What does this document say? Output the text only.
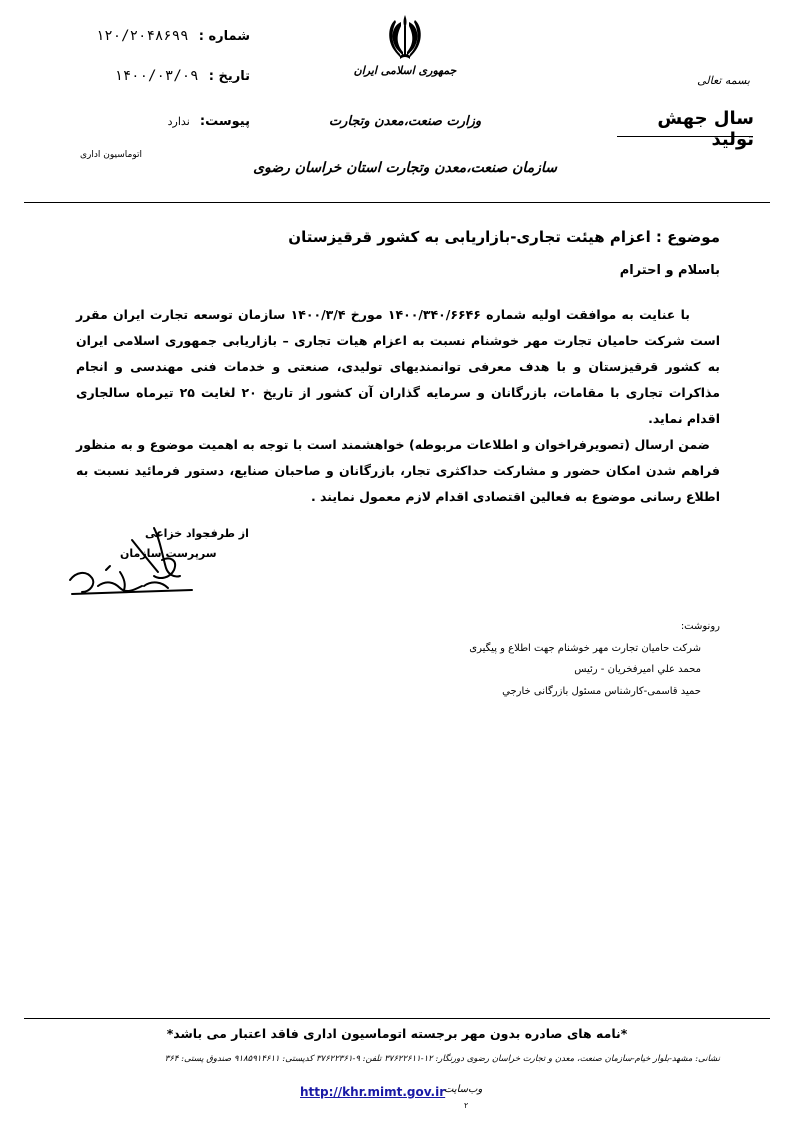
شماره : ۱۲۰/۲۰۴۸۶۹۹
تاریخ : ۱۴۰۰/۰۳/۰۹
پیوست: ندارد
اتوماسیون اداری
جمهوری اسلامی ایران
وزارت صنعت،معدن وتجارت
سازمان صنعت،معدن وتجارت استان خراسان رضوی
بسمه تعالی
سال جهش تولید
موضوع : اعزام هیئت تجاری-بازاریابی به کشور قرقیزستان
باسلام و احترام
با عنایت به موافقت اولیه شماره ۱۴۰۰/۳۴۰/۶۶۴۶ مورخ ۱۴۰۰/۳/۴ سازمان توسعه تجارت ایران مقرر است شرکت حامیان تجارت مهر خوشنام نسبت به اعزام هیات تجاری – بازاریابی جمهوری اسلامی ایران به کشور قرقیزستان و با هدف معرفی توانمندیهای تولیدی، صنعتی و خدمات فنی مهندسی و انجام مذاکرات تجاری با مقامات، بازرگانان و سرمایه گذاران آن کشور از تاریخ ۲۰ لغایت ۲۵ تیرماه سالجاری اقدام نماید.
ضمن ارسال (تصویرفراخوان و اطلاعات مربوطه) خواهشمند است با توجه به اهمیت موضوع و به منظور فراهم شدن امکان حضور و مشارکت حداکثری تجار، بازرگانان و صاحبان صنایع، دستور فرمائید نسبت به اطلاع رسانی موضوع به فعالین اقتصادی اقدام لازم معمول نمایند .
از طرف
جواد خزاعی
سرپرست سازمان
رونوشت:
شرکت حامیان تجارت مهر خوشنام جهت اطلاع و پیگیری
محمد علي اميرفخريان - رئیس
حمید قاسمی-کارشناس مسئول بازرگانی خارجي
*نامه های صادره بدون مهر برجسته اتوماسیون اداری فاقد اعتبار می باشد*
نشانی: مشهد-بلوار خیام-سازمان صنعت، معدن و تجارت خراسان رضوی دورنگار: ۱۲-۳۷۶۲۲۶۱۱ تلفن: ۹-۳۷۶۲۲۳۶۱ کدپستی: ۹۱۸۵۹۱۴۶۱۱ صندوق پستی: ۳۶۴
http://khr.mimt.gov.ir
وب‌سایت
۲
